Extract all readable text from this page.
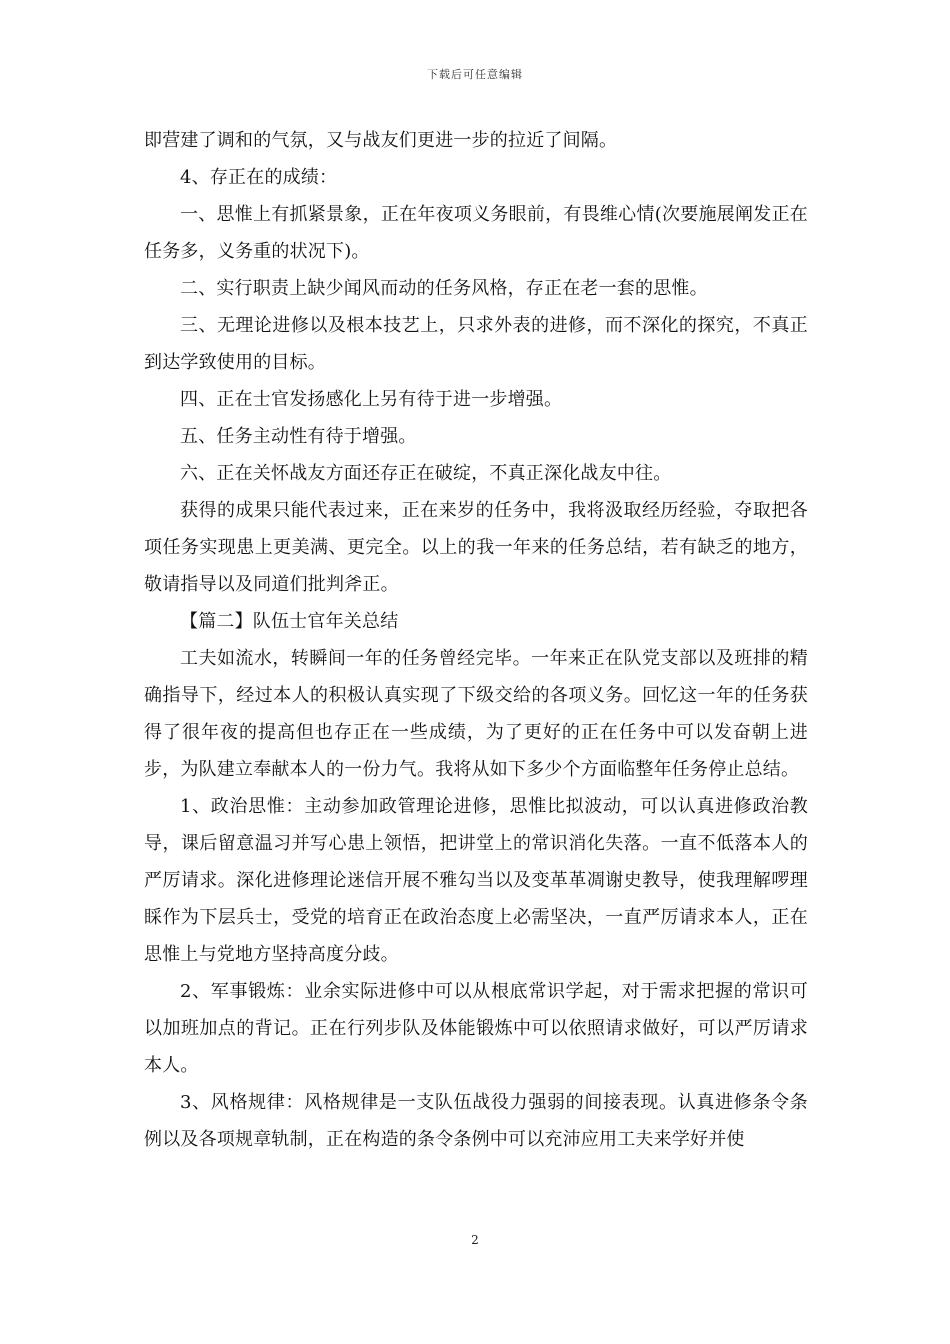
下载后可任意编辑

即营建了调和的气氛，又与战友们更进一步的拉近了间隔。

4、存正在的成绩：

一、思惟上有抓紧景象，正在年夜项义务眼前，有畏维心情(次要施展阐发正在任务多，义务重的状况下)。

二、实行职责上缺少闻风而动的任务风格，存正在老一套的思惟。

三、无理论进修以及根本技艺上，只求外表的进修，而不深化的探究，不真正到达学致使用的目标。

四、正在士官发扬感化上另有待于进一步增强。

五、任务主动性有待于增强。

六、正在关怀战友方面还存正在破绽，不真正深化战友中往。

获得的成果只能代表过来，正在来岁的任务中，我将汲取经历经验，夺取把各项任务实现患上更美满、更完全。以上的我一年来的任务总结，若有缺乏的地方，敬请指导以及同道们批判斧正。

【篇二】队伍士官年关总结

工夫如流水，转瞬间一年的任务曾经完毕。一年来正在队党支部以及班排的精确指导下，经过本人的积极认真实现了下级交给的各项义务。回忆这一年的任务获得了很年夜的提高但也存正在一些成绩，为了更好的正在任务中可以发奋朝上进步，为队建立奉献本人的一份力气。我将从如下多少个方面临整年任务停止总结。

1、政治思惟：主动参加政管理论进修，思惟比拟波动，可以认真进修政治教导，课后留意温习并写心患上领悟，把讲堂上的常识消化失落。一直不低落本人的严厉请求。深化进修理论迷信开展不雅勾当以及变革革凋谢史教导，使我理解啰理睬作为下层兵士，受党的培育正在政治态度上必需坚决，一直严厉请求本人，正在思惟上与党地方坚持高度分歧。

2、军事锻炼：业余实际进修中可以从根底常识学起，对于需求把握的常识可以加班加点的背记。正在行列步队及体能锻炼中可以依照请求做好，可以严厉请求本人。

3、风格规律：风格规律是一支队伍战役力强弱的间接表现。认真进修条令条例以及各项规章轨制，正在构造的条令条例中可以充沛应用工夫来学好并使

2
